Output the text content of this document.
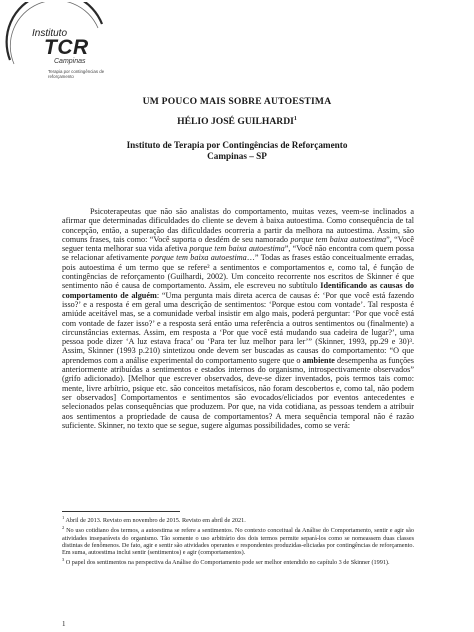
Instituto
TCR
Campinas
Terapia por contingências de reforçamento
UM POUCO MAIS SOBRE AUTOESTIMA
HÉLIO JOSÉ GUILHARDI$^1$
Instituto de Terapia por Contingências de Reforçamento
Campinas – SP

Psicoterapeutas que não são analistas do comportamento, muitas vezes, veem-se inclinados a afirmar que determinadas dificuldades do cliente se devem à baixa autoestima. Como consequência de tal concepção, então, a superação das dificuldades ocorreria a partir da melhora na autoestima. Assim, são comuns frases, tais como: “Você suporta o desdém de seu namorado porque tem baixa autoestima”, “Você seguer tenta melhorar sua vida afetiva porque tem baixa autoestima”, “Você não encontra com quem possa se relacionar afetivamente porque tem baixa autoestima…” Todas as frases estão conceitualmente erradas, pois autoestima é um termo que se refere² a sentimentos e comportamentos e, como tal, é função de contingências de reforçamento (Guilhardi, 2002). Um conceito recorrente nos escritos de Skinner é que sentimento não é causa de comportamento. Assim, ele escreveu no subtítulo Identificando as causas do comportamento de alguém: “Uma pergunta mais direta acerca de causas é: ‘Por que você está fazendo isso?’ e a resposta é em geral uma descrição de sentimentos: ‘Porque estou com vontade’. Tal resposta é amiúde aceitável mas, se a comunidade verbal insistir em algo mais, poderá perguntar: ‘Por que você está com vontade de fazer isso?’ e a resposta será então uma referência a outros sentimentos ou (finalmente) a circunstâncias externas. Assim, em resposta a ‘Por que você está mudando sua cadeira de lugar?’, uma pessoa pode dizer ‘A luz estava fraca’ ou ‘Para ter luz melhor para ler’” (Skinner, 1993, pp.29 e 30)³. Assim, Skinner (1993 p.210) sintetizou onde devem ser buscadas as causas do comportamento: “O que aprendemos com a análise experimental do comportamento sugere que o ambiente desempenha as funções anteriormente atribuídas a sentimentos e estados internos do organismo, introspectivamente observados” (grifo adicionado). [Melhor que escrever observados, deve-se dizer inventados, pois termos tais como: mente, livre arbítrio, psique etc. são conceitos metafísicos, não foram descobertos e, como tal, não podem ser observados] Comportamentos e sentimentos são evocados/eliciados por eventos antecedentes e selecionados pelas consequências que produzem. Por que, na vida cotidiana, as pessoas tendem a atribuir aos sentimentos a propriedade de causa de comportamentos? A mera sequência temporal não é razão suficiente. Skinner, no texto que se segue, sugere algumas possibilidades, como se verá:

$^1$ Abril de 2013. Revisto em novembro de 2015. Revisto em abril de 2021.

$^2$ No uso cotidiano dos termos, a autoestima se refere a sentimentos. No contexto conceitual da Análise do Comportamento, sentir e agir são atividades inseparáveis do organismo. Tão somente o uso arbitrário dos dois termos permite separá-los como se nomeassem duas classes distintas de fenômenos. De fato, agir e sentir são atividades operantes e respondentes produzidas-eliciadas por contingências de reforçamento. Em suma, autoestima inclui sentir (sentimentos) e agir (comportamentos).

$^3$ O papel dos sentimentos na perspectiva da Análise do Comportamento pode ser melhor entendido no capítulo 3 de Skinner (1991).

1
